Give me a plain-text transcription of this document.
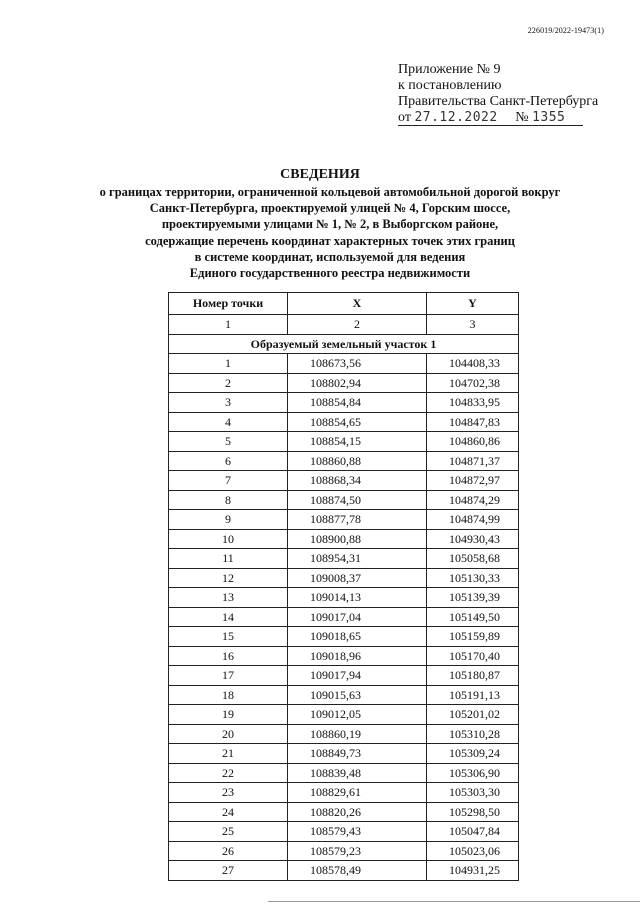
226019/2022-19473(1)
Приложение № 9
к постановлению
Правительства Санкт-Петербурга
от 27.12.2022 № 1355
СВЕДЕНИЯ
о границах территории, ограниченной кольцевой автомобильной дорогой вокруг
Санкт-Петербурга, проектируемой улицей № 4, Горским шоссе,
проектируемыми улицами № 1, № 2, в Выборгском районе,
содержащие перечень координат характерных точек этих границ
в системе координат, используемой для ведения
Единого государственного реестра недвижимости
Номер точки	X	Y
1	2	3
Образуемый земельный участок 1		
1	108673,56	104408,33
2	108802,94	104702,38
3	108854,84	104833,95
4	108854,65	104847,83
5	108854,15	104860,86
6	108860,88	104871,37
7	108868,34	104872,97
8	108874,50	104874,29
9	108877,78	104874,99
10	108900,88	104930,43
11	108954,31	105058,68
12	109008,37	105130,33
13	109014,13	105139,39
14	109017,04	105149,50
15	109018,65	105159,89
16	109018,96	105170,40
17	109017,94	105180,87
18	109015,63	105191,13
19	109012,05	105201,02
20	108860,19	105310,28
21	108849,73	105309,24
22	108839,48	105306,90
23	108829,61	105303,30
24	108820,26	105298,50
25	108579,43	105047,84
26	108579,23	105023,06
27	108578,49	104931,25
